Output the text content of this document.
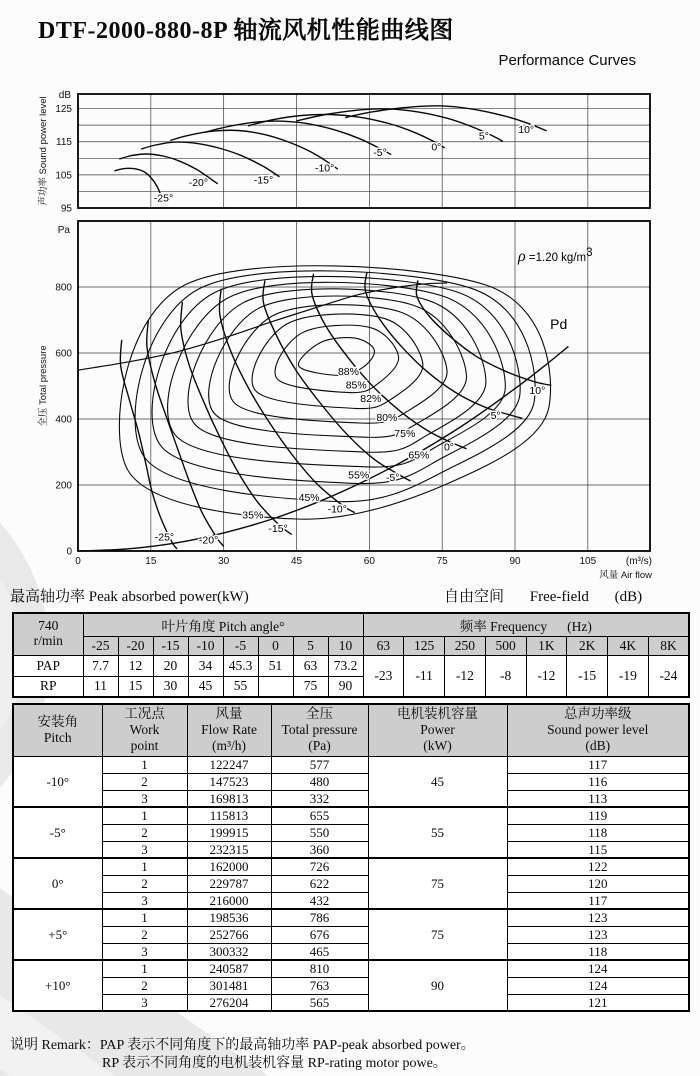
DTF-2000-880-8P 轴流风机性能曲线图
Performance Curves
95
105
115
125
dB
声功率 Sound power level	-25°
-20°	-15°
-10°
-5°	0°
5°
10°
0
200
400
600
800
Pa
全压 Total pressure	88%
85%
82%
80%
75%
65%
55%
45%
35%
-25° -20°
-15°
-10°
-5°
0°
5°
10°
Pd
ρ =1.20 $kg/m^3$
0	15	30	45	60	75	90	105	(m³/s)
风量 Air flow
最高轴功率 Peak absorbed power(kW)	自由空间 Free-field (dB)
740
r/min	叶片角度 Pitch angle°								频率 Frequency (Hz)							
	-25	-20	-15	-10	-5	0	5	10	63	125	250	500	1K	2K	4K	8K
PAP	7.7	12	20	34	45.3	51	63	73.2	-23	-11	-12	-8	-12	-15	-19	-24
RP	11	15	30	45	55		75	90								
安装角
Pitch

工况点
Work
point

风量
Flow Rate
(m³/h)

全压
Total pressure
(Pa)

电机装机容量
Power
(kW)

总声功率级
Sound power level
(dB)

-10°	1	122247	577	45	117
	2	147523	480		116
	3	169813	332		113
-5°	1	115813	655	55	119
	2	199915	550		118
	3	232315	360		115
0°	1	162000	726	75	122
	2	229787	622		120
	3	216000	432		117
+5°	1	198536	786	75	123
	2	252766	676		123
	3	300332	465		118
+10°	1	240587	810	90	124
	2	301481	763		124
	3	276204	565		121
说明 Remark：PAP 表示不同角度下的最高轴功率 PAP-peak absorbed power。
RP 表示不同角度的电机装机容量 RP-rating motor powe。
